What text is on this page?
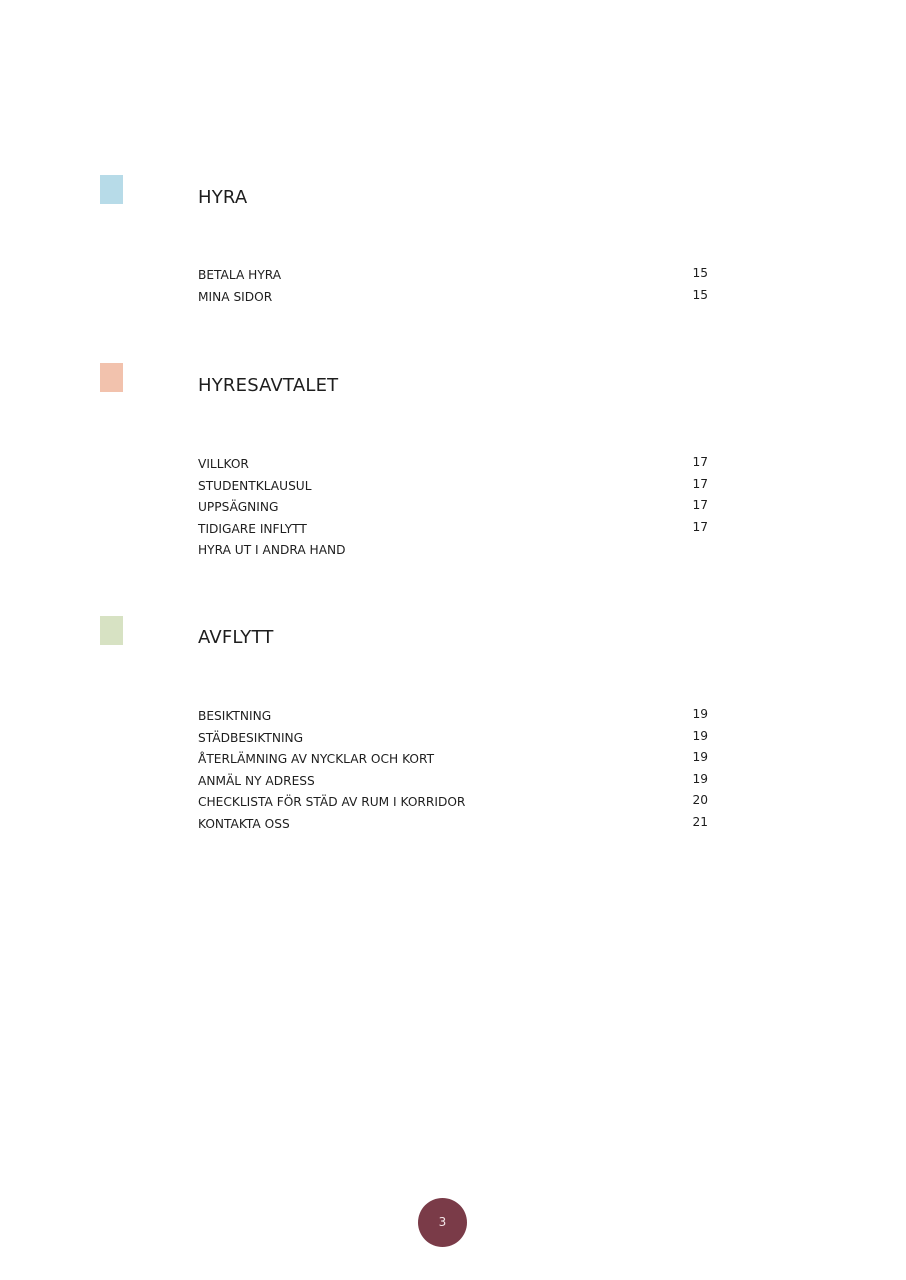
HYRA
BETALA HYRA	15
MINA SIDOR	15
HYRESAVTALET
VILLKOR	17
STUDENTKLAUSUL	17
UPPSÄGNING	17
TIDIGARE INFLYTT	17
HYRA UT I ANDRA HAND
AVFLYTT
BESIKTNING	19
STÄDBESIKTNING	19
ÅTERLÄMNING AV NYCKLAR OCH KORT	19
ANMÄL NY ADRESS	19
CHECKLISTA FÖR STÄD AV RUM I KORRIDOR	20
KONTAKTA OSS	21
3
